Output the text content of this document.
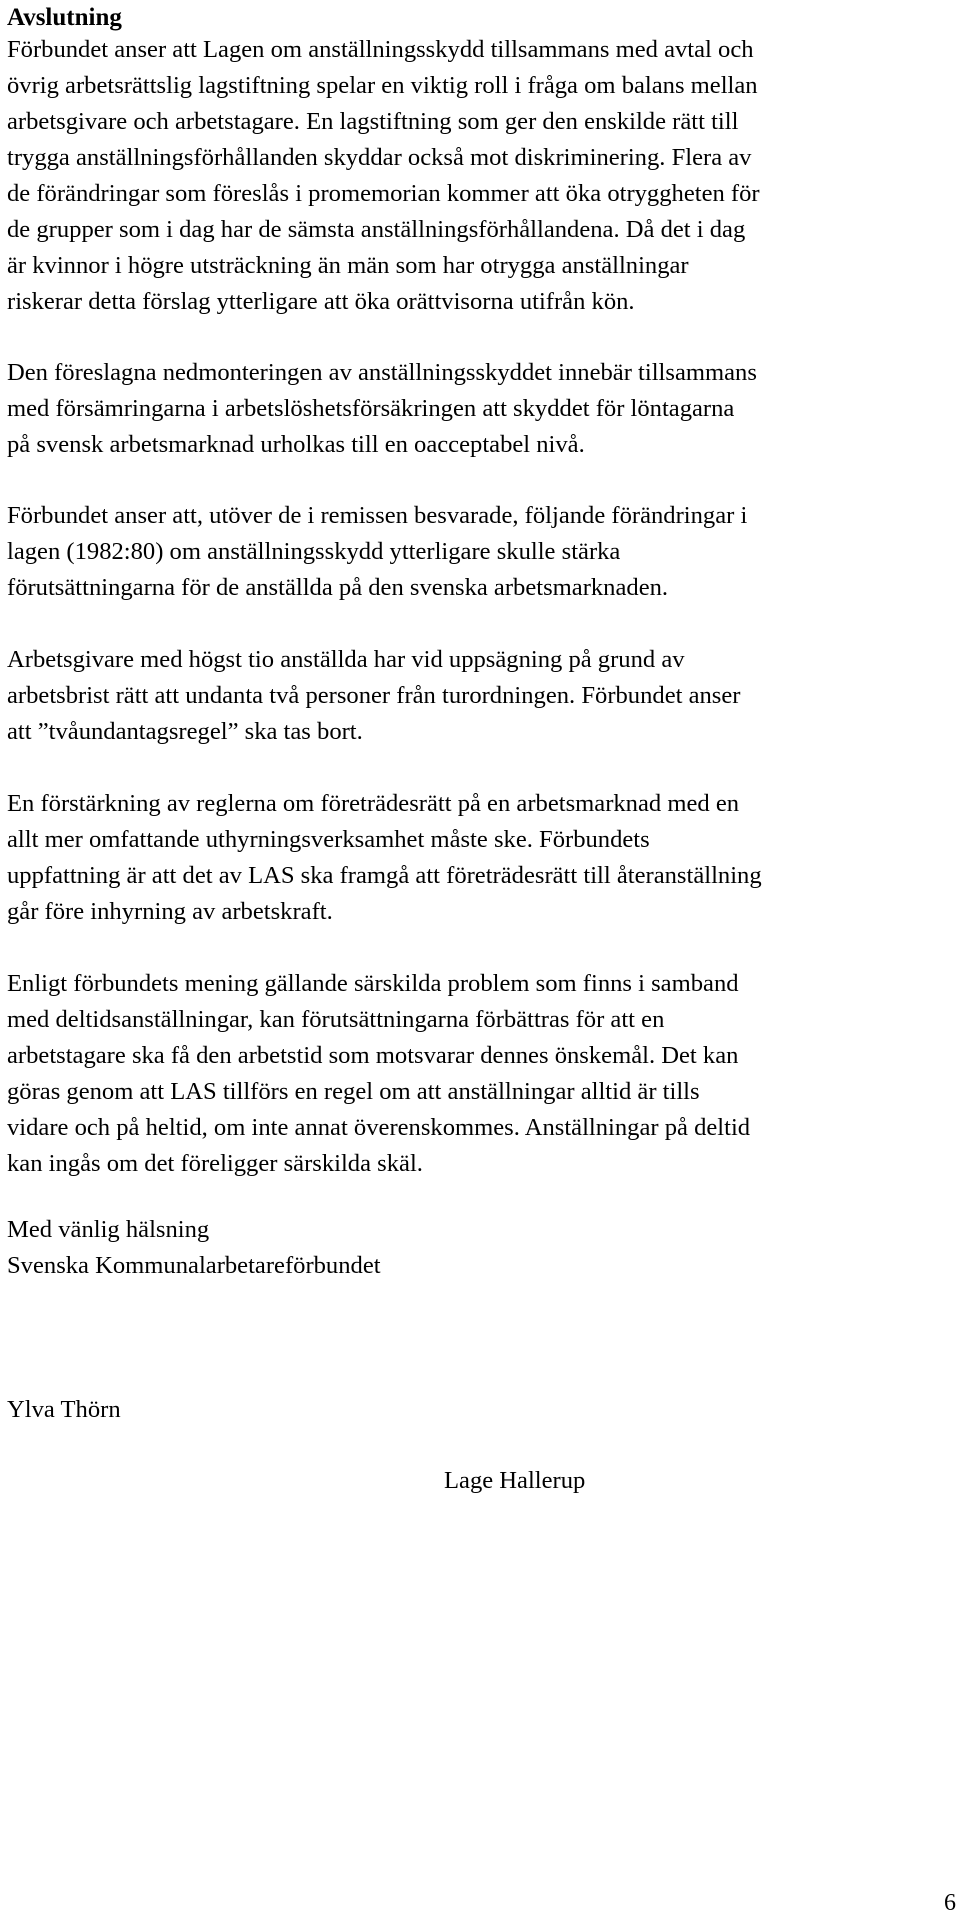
Avslutning
Förbundet anser att Lagen om anställningsskydd tillsammans med avtal och
övrig arbetsrättslig lagstiftning spelar en viktig roll i fråga om balans mellan
arbetsgivare och arbetstagare. En lagstiftning som ger den enskilde rätt till
trygga anställningsförhållanden skyddar också mot diskriminering. Flera av
de förändringar som föreslås i promemorian kommer att öka otryggheten för
de grupper som i dag har de sämsta anställningsförhållandena. Då det i dag
är kvinnor i högre utsträckning än män som har otrygga anställningar
riskerar detta förslag ytterligare att öka orättvisorna utifrån kön.
Den föreslagna nedmonteringen av anställningsskyddet innebär tillsammans
med försämringarna i arbetslöshetsförsäkringen att skyddet för löntagarna
på svensk arbetsmarknad urholkas till en oacceptabel nivå.
Förbundet anser att, utöver de i remissen besvarade, följande förändringar i
lagen (1982:80) om anställningsskydd ytterligare skulle stärka
förutsättningarna för de anställda på den svenska arbetsmarknaden.
Arbetsgivare med högst tio anställda har vid uppsägning på grund av
arbetsbrist rätt att undanta två personer från turordningen. Förbundet anser
att ”tvåundantagsregel” ska tas bort.
En förstärkning av reglerna om företrädesrätt på en arbetsmarknad med en
allt mer omfattande uthyrningsverksamhet måste ske. Förbundets
uppfattning är att det av LAS ska framgå att företrädesrätt till återanställning
går före inhyrning av arbetskraft.
Enligt förbundets mening gällande särskilda problem som finns i samband
med deltidsanställningar, kan förutsättningarna förbättras för att en
arbetstagare ska få den arbetstid som motsvarar dennes önskemål. Det kan
göras genom att LAS tillförs en regel om att anställningar alltid är tills
vidare och på heltid, om inte annat överenskommes. Anställningar på deltid
kan ingås om det föreligger särskilda skäl.
Med vänlig hälsning
Svenska Kommunalarbetareförbundet
Ylva Thörn
Lage Hallerup
6
